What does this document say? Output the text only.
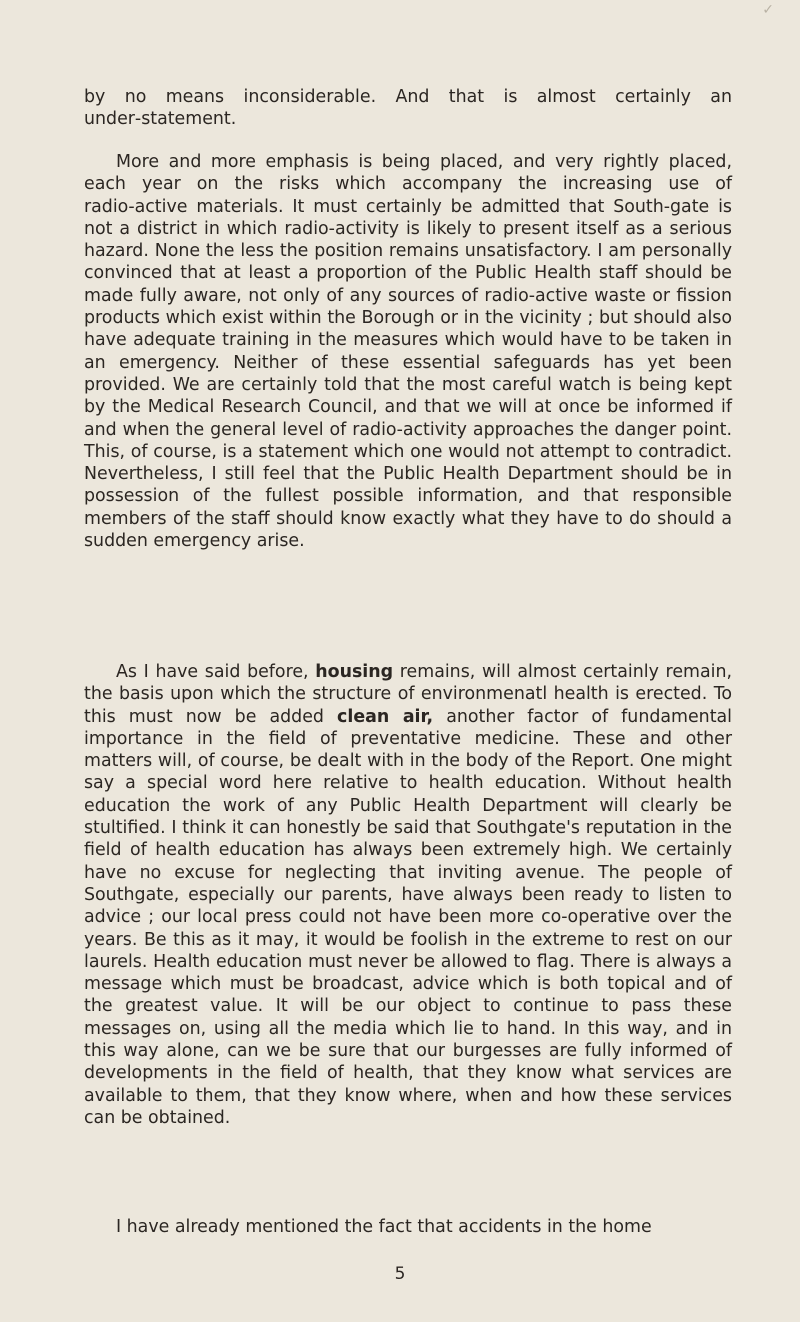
✓

by no means inconsiderable. And that is almost certainly an under‑statement.

More and more emphasis is being placed, and very rightly placed, each year on the risks which accompany the increasing use of radio‑active materials. It must certainly be admitted that South‑gate is not a district in which radio‑activity is likely to present itself as a serious hazard. None the less the position remains unsatisfactory. I am personally convinced that at least a proportion of the Public Health staff should be made fully aware, not only of any sources of radio‑active waste or fission products which exist within the Borough or in the vicinity ; but should also have adequate training in the measures which would have to be taken in an emergency. Neither of these essential safeguards has yet been provided. We are certainly told that the most careful watch is being kept by the Medical Research Council, and that we will at once be informed if and when the general level of radio‑activity approaches the danger point. This, of course, is a statement which one would not attempt to contradict. Nevertheless, I still feel that the Public Health Department should be in possession of the fullest possible information, and that responsible members of the staff should know exactly what they have to do should a sudden emergency arise.

As I have said before, housing remains, will almost certainly remain, the basis upon which the structure of environmenatl health is erected. To this must now be added clean air, another factor of fundamental importance in the field of preventative medicine. These and other matters will, of course, be dealt with in the body of the Report. One might say a special word here relative to health education. Without health education the work of any Public Health Department will clearly be stultified. I think it can honestly be said that Southgate's reputation in the field of health education has always been extremely high. We certainly have no excuse for neglecting that inviting avenue. The people of Southgate, especially our parents, have always been ready to listen to advice ; our local press could not have been more co‑operative over the years. Be this as it may, it would be foolish in the extreme to rest on our laurels. Health education must never be allowed to flag. There is always a message which must be broadcast, advice which is both topical and of the greatest value. It will be our object to continue to pass these messages on, using all the media which lie to hand. In this way, and in this way alone, can we be sure that our burgesses are fully informed of developments in the field of health, that they know what services are available to them, that they know where, when and how these services can be obtained.

I have already mentioned the fact that accidents in the home

5
